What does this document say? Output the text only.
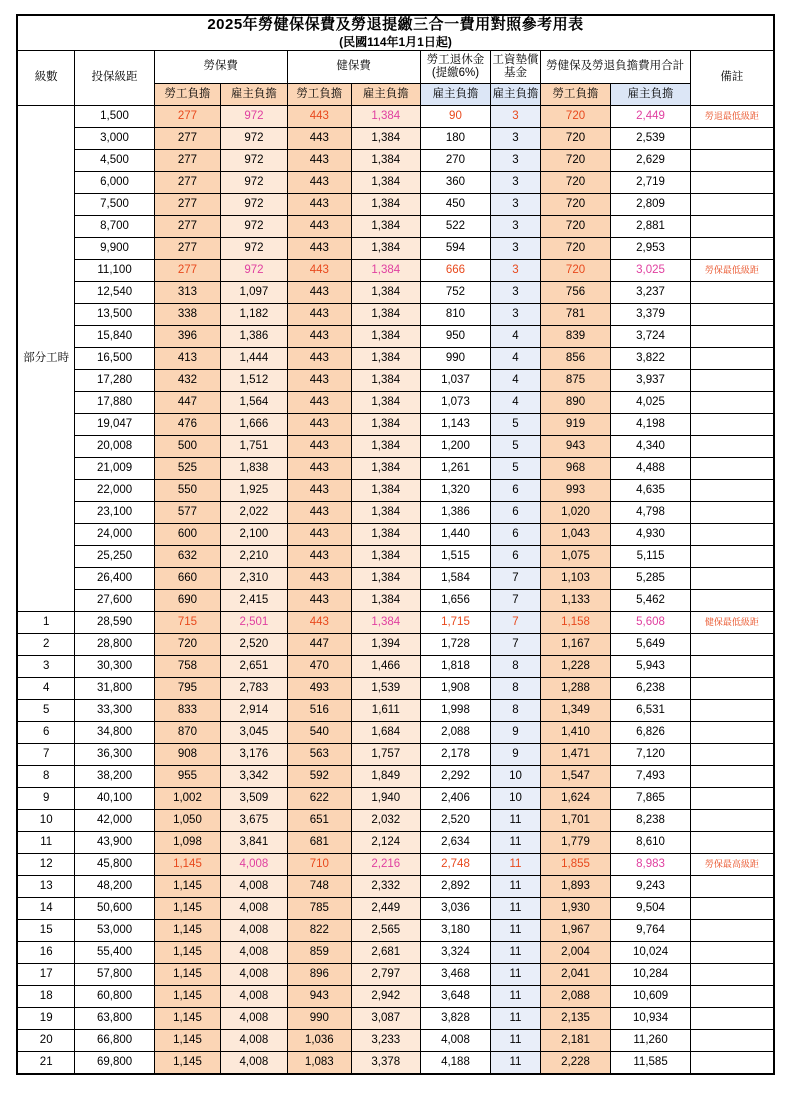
2025年勞健保保費及勞退提繳三合一費用對照參考用表
(民國114年1月1日起)										

級數	投保級距	勞保費		健保費		勞工退休金(提繳6%)	工資墊償基金	勞健保及勞退負擔費用合計		備註
		勞工負擔	雇主負擔	勞工負擔	雇主負擔	雇主負擔	雇主負擔	勞工負擔	雇主負擔	
部分工時	1,500	277	972	443	1,384	90	3	720	2,449	勞退最低級距
	3,000	277	972	443	1,384	180	3	720	2,539	
	4,500	277	972	443	1,384	270	3	720	2,629	
	6,000	277	972	443	1,384	360	3	720	2,719	
	7,500	277	972	443	1,384	450	3	720	2,809	
	8,700	277	972	443	1,384	522	3	720	2,881	
	9,900	277	972	443	1,384	594	3	720	2,953	
	11,100	277	972	443	1,384	666	3	720	3,025	勞保最低級距
	12,540	313	1,097	443	1,384	752	3	756	3,237	
	13,500	338	1,182	443	1,384	810	3	781	3,379	
	15,840	396	1,386	443	1,384	950	4	839	3,724	
	16,500	413	1,444	443	1,384	990	4	856	3,822	
	17,280	432	1,512	443	1,384	1,037	4	875	3,937	
	17,880	447	1,564	443	1,384	1,073	4	890	4,025	
	19,047	476	1,666	443	1,384	1,143	5	919	4,198	
	20,008	500	1,751	443	1,384	1,200	5	943	4,340	
	21,009	525	1,838	443	1,384	1,261	5	968	4,488	
	22,000	550	1,925	443	1,384	1,320	6	993	4,635	
	23,100	577	2,022	443	1,384	1,386	6	1,020	4,798	
	24,000	600	2,100	443	1,384	1,440	6	1,043	4,930	
	25,250	632	2,210	443	1,384	1,515	6	1,075	5,115	
	26,400	660	2,310	443	1,384	1,584	7	1,103	5,285	
	27,600	690	2,415	443	1,384	1,656	7	1,133	5,462	
1	28,590	715	2,501	443	1,384	1,715	7	1,158	5,608	健保最低級距
2	28,800	720	2,520	447	1,394	1,728	7	1,167	5,649	
3	30,300	758	2,651	470	1,466	1,818	8	1,228	5,943	
4	31,800	795	2,783	493	1,539	1,908	8	1,288	6,238	
5	33,300	833	2,914	516	1,611	1,998	8	1,349	6,531	
6	34,800	870	3,045	540	1,684	2,088	9	1,410	6,826	
7	36,300	908	3,176	563	1,757	2,178	9	1,471	7,120	
8	38,200	955	3,342	592	1,849	2,292	10	1,547	7,493	
9	40,100	1,002	3,509	622	1,940	2,406	10	1,624	7,865	
10	42,000	1,050	3,675	651	2,032	2,520	11	1,701	8,238	
11	43,900	1,098	3,841	681	2,124	2,634	11	1,779	8,610	
12	45,800	1,145	4,008	710	2,216	2,748	11	1,855	8,983	勞保最高級距
13	48,200	1,145	4,008	748	2,332	2,892	11	1,893	9,243	
14	50,600	1,145	4,008	785	2,449	3,036	11	1,930	9,504	
15	53,000	1,145	4,008	822	2,565	3,180	11	1,967	9,764	
16	55,400	1,145	4,008	859	2,681	3,324	11	2,004	10,024	
17	57,800	1,145	4,008	896	2,797	3,468	11	2,041	10,284	
18	60,800	1,145	4,008	943	2,942	3,648	11	2,088	10,609	
19	63,800	1,145	4,008	990	3,087	3,828	11	2,135	10,934	
20	66,800	1,145	4,008	1,036	3,233	4,008	11	2,181	11,260	
21	69,800	1,145	4,008	1,083	3,378	4,188	11	2,228	11,585	
